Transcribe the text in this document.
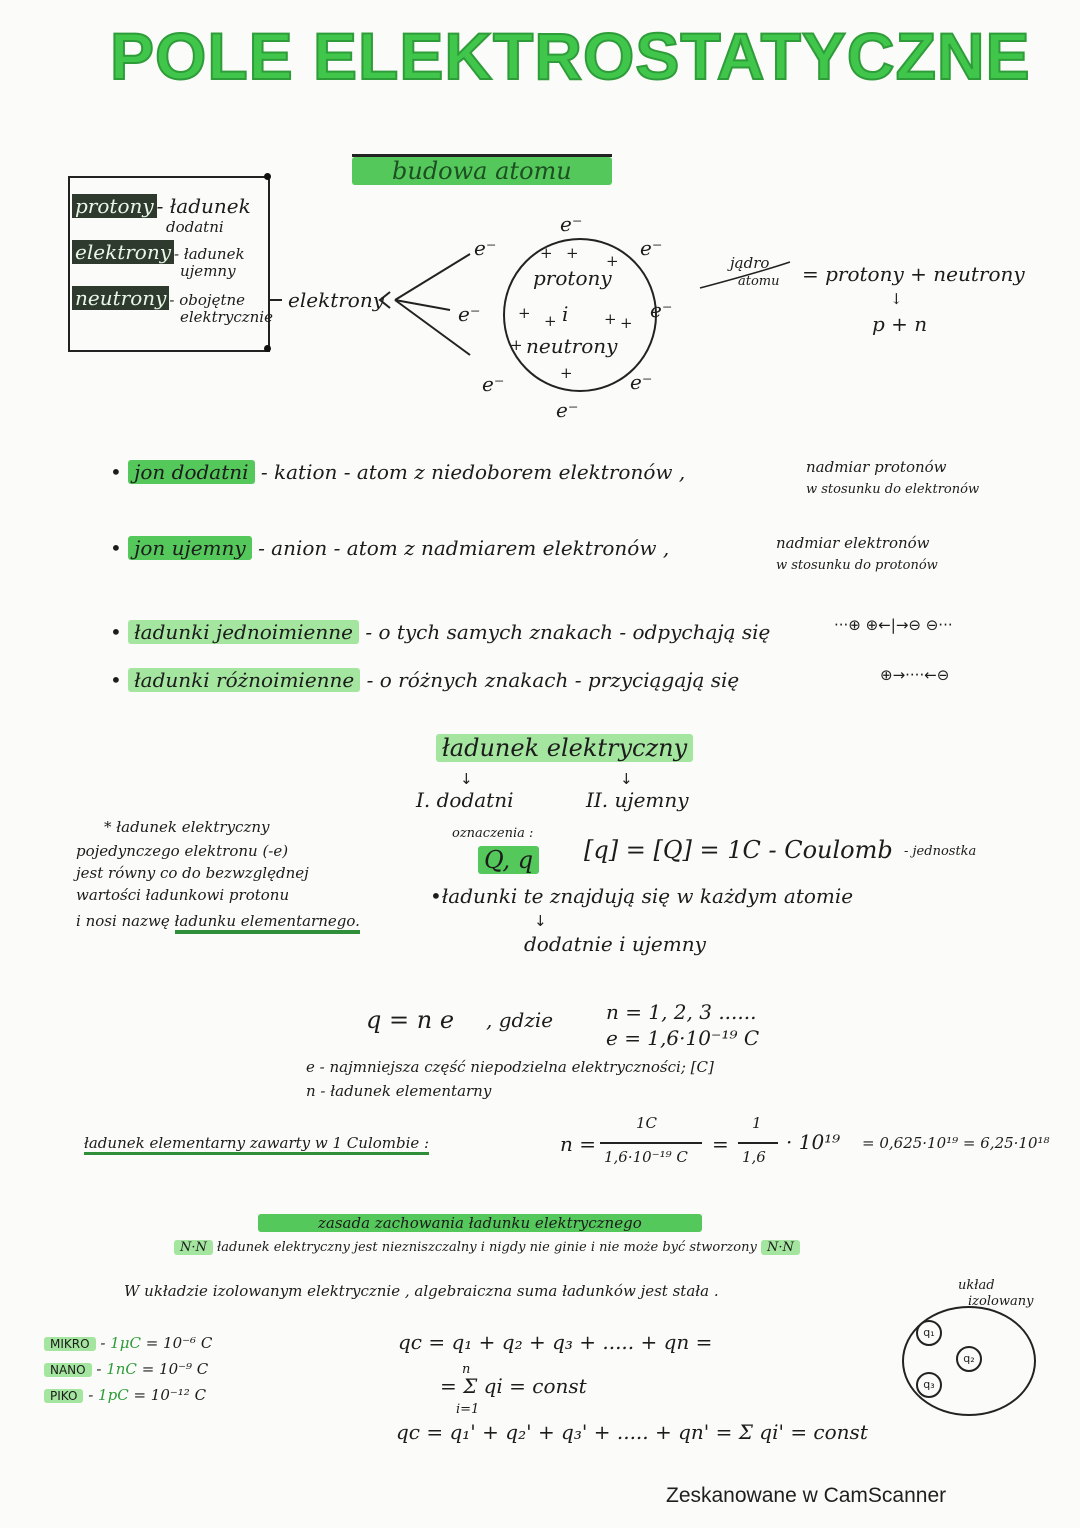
POLE ELEKTROSTATYCZNE
budowa atomu
protony - ładunek
dodatni
elektrony - ładunek
ujemny
neutrony - obojętne
elektrycznie
elektrony
e⁻
e⁻	e⁻
e⁻	e⁻
e⁻	e⁻
e⁻
+ + +
protony
+ + i + +
+ neutrony
+
jądro
atomu = protony + neutrony
↓
p + n
• jon dodatni - kation - atom z niedoborem elektronów ,	nadmiar protonów
w stosunku do elektronów
• jon ujemny - anion - atom z nadmiarem elektronów ,	nadmiar elektronów
w stosunku do protonów
• ładunki jednoimienne - o tych samych znakach - odpychają się	···⊕ ⊕←|→⊖ ⊖···
• ładunki różnoimienne - o różnych znakach - przyciągają się	⊕→····←⊖
ładunek elektryczny
↓	↓
I. dodatni	II. ujemny
oznaczenia :
Q, q [q] = [Q] = 1C - Coulomb - jednostka
•ładunki te znajdują się w każdym atomie
↓
dodatnie i ujemny
* ładunek elektryczny
pojedynczego elektronu (-e)
jest równy co do bezwzględnej
wartości ładunkowi protonu
i nosi nazwę ładunku elementarnego.
q = n e , gdzie	n = 1, 2, 3 ......
e = 1,6·10⁻¹⁹ C
e - najmniejsza część niepodzielna elektryczności; [C]
n - ładunek elementarny
ładunek elementarny zawarty w 1 Culombie :	n =
1C
1,6·10⁻¹⁹ C
=
1
1,6
· 10¹⁹ = 0,625·10¹⁹ = 6,25·10¹⁸
zasada zachowania ładunku elektrycznego
N·N ładunek elektryczny jest niezniszczalny i nigdy nie ginie i nie może być stworzony N·N
W układzie izolowanym elektrycznie , algebraiczna suma ładunków jest stała .
qc = q₁ + q₂ + q₃ + ..... + qn =
n
= Σ qi = const
i=1
qc = q₁' + q₂' + q₃' + ..... + qn' = Σ qi' = const
układ
izolowany
q₁
q₂
q₃
MIKRO - 1μC = 10⁻⁶ C
NANO - 1nC = 10⁻⁹ C
PIKO - 1pC = 10⁻¹² C
Zeskanowane w CamScanner
